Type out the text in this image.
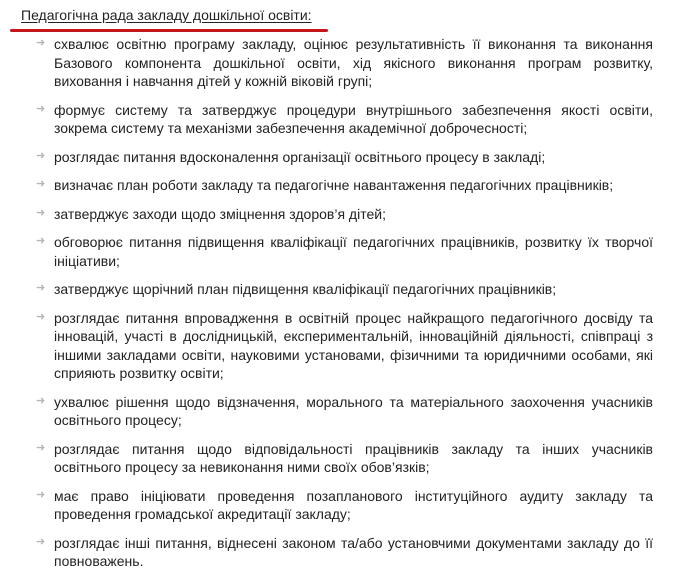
Педагогічна рада закладу дошкільної освіти:

➜ схвалює освітню програму закладу, оцінює результативність її виконання та виконання Базового компонента дошкільної освіти, хід якісного виконання програм розвитку, виховання і навчання дітей у кожній віковій групі;
➜ формує систему та затверджує процедури внутрішнього забезпечення якості освіти, зокрема систему та механізми забезпечення академічної доброчесності;
➜ розглядає питання вдосконалення організації освітнього процесу в закладі;
➜ визначає план роботи закладу та педагогічне навантаження педагогічних працівників;
➜ затверджує заходи щодо зміцнення здоров’я дітей;
➜ обговорює питання підвищення кваліфікації педагогічних працівників, розвитку їх творчої ініціативи;
➜ затверджує щорічний план підвищення кваліфікації педагогічних працівників;
➜ розглядає питання впровадження в освітній процес найкращого педагогічного досвіду та інновацій, участі в дослідницькій, експериментальній, інноваційній діяльності, співпраці з іншими закладами освіти, науковими установами, фізичними та юридичними особами, які сприяють розвитку освіти;
➜ ухвалює рішення щодо відзначення, морального та матеріального заохочення учасників освітнього процесу;
➜ розглядає питання щодо відповідальності працівників закладу та інших учасників освітнього процесу за невиконання ними своїх обов’язків;
➜ має право ініціювати проведення позапланового інституційного аудиту закладу та проведення громадської акредитації закладу;
➜ розглядає інші питання, віднесені законом та/або установчими документами закладу до її повноважень.
